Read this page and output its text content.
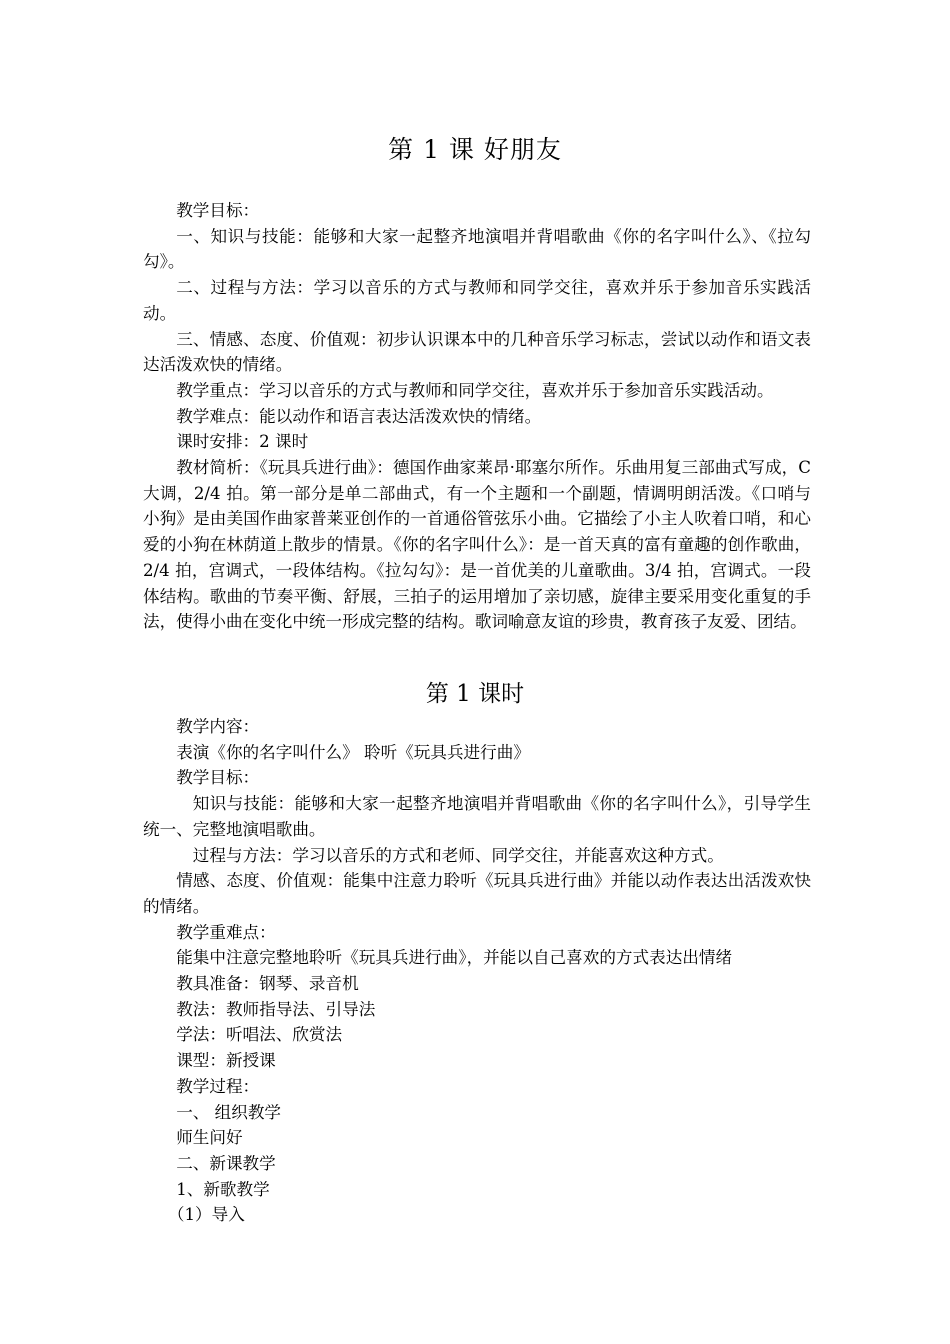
第 1 课 好朋友

教学目标：

一、知识与技能：能够和大家一起整齐地演唱并背唱歌曲《你的名字叫什么》、《拉勾勾》。

二、过程与方法：学习以音乐的方式与教师和同学交往，喜欢并乐于参加音乐实践活动。

三、情感、态度、价值观：初步认识课本中的几种音乐学习标志，尝试以动作和语文表达活泼欢快的情绪。

教学重点：学习以音乐的方式与教师和同学交往，喜欢并乐于参加音乐实践活动。

教学难点：能以动作和语言表达活泼欢快的情绪。

课时安排：2 课时

教材简析：《玩具兵进行曲》：德国作曲家莱昂·耶塞尔所作。乐曲用复三部曲式写成，C 大调，2/4 拍。第一部分是单二部曲式，有一个主题和一个副题，情调明朗活泼。《口哨与小狗》是由美国作曲家普莱亚创作的一首通俗管弦乐小曲。它描绘了小主人吹着口哨，和心爱的小狗在林荫道上散步的情景。《你的名字叫什么》：是一首天真的富有童趣的创作歌曲，2/4 拍，宫调式，一段体结构。《拉勾勾》：是一首优美的儿童歌曲。3/4 拍，宫调式。一段体结构。歌曲的节奏平衡、舒展，三拍子的运用增加了亲切感，旋律主要采用变化重复的手法，使得小曲在变化中统一形成完整的结构。歌词喻意友谊的珍贵，教育孩子友爱、团结。

第 1 课时

教学内容：

表演《你的名字叫什么》 聆听《玩具兵进行曲》

教学目标：

知识与技能：能够和大家一起整齐地演唱并背唱歌曲《你的名字叫什么》，引导学生统一、完整地演唱歌曲。

过程与方法：学习以音乐的方式和老师、同学交往，并能喜欢这种方式。

情感、态度、价值观：能集中注意力聆听《玩具兵进行曲》并能以动作表达出活泼欢快的情绪。

教学重难点：

能集中注意完整地聆听《玩具兵进行曲》，并能以自己喜欢的方式表达出情绪

教具准备：钢琴、录音机

教法：教师指导法、引导法

学法：听唱法、欣赏法

课型：新授课

教学过程：

一、 组织教学

师生问好

二、新课教学

1、新歌教学

（1）导入
